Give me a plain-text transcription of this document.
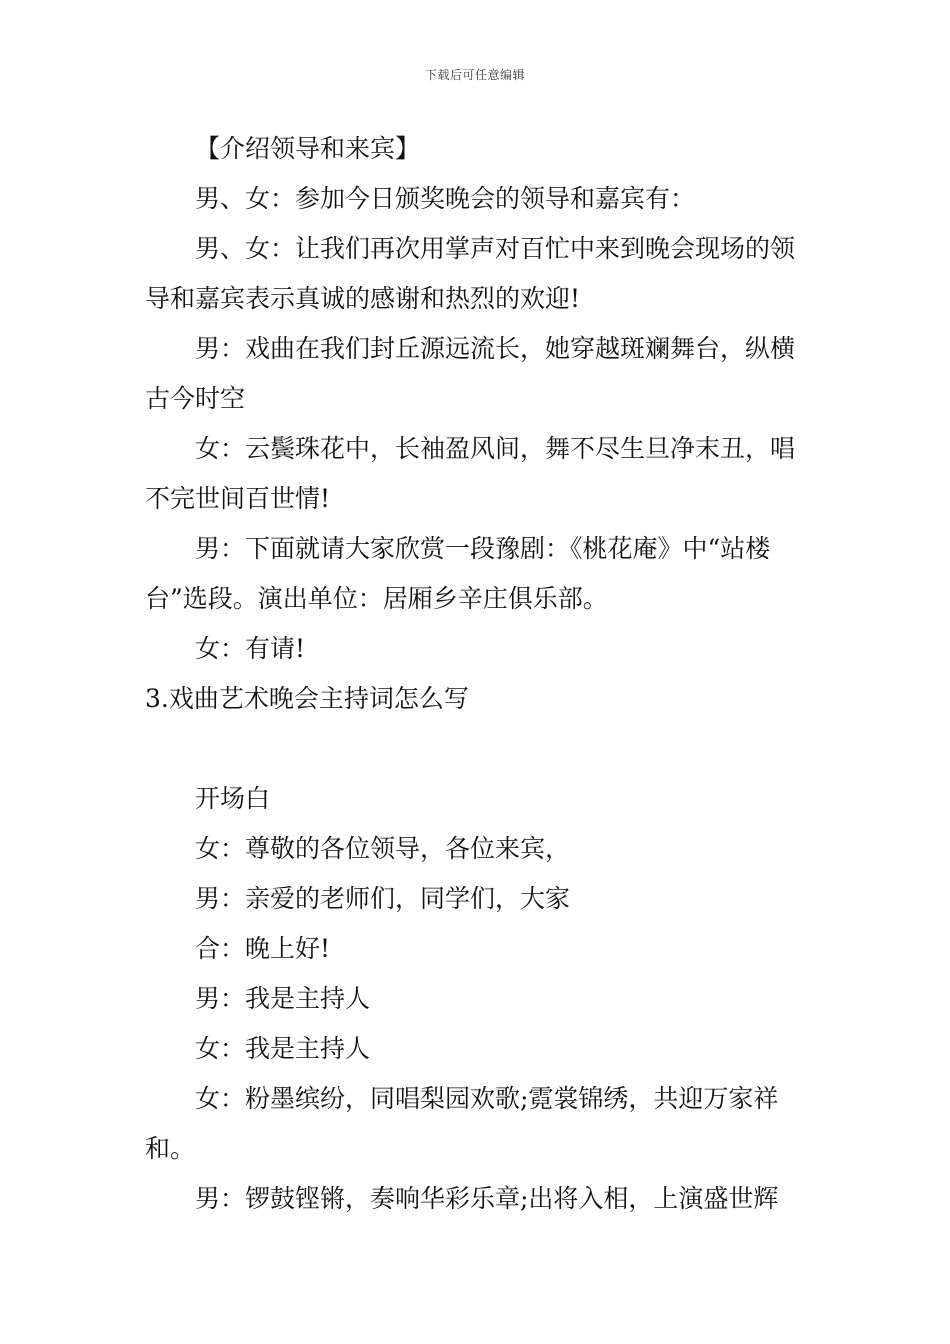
下载后可任意编辑

【介绍领导和来宾】

男、女：参加今日颁奖晚会的领导和嘉宾有：

男、女：让我们再次用掌声对百忙中来到晚会现场的领导和嘉宾表示真诚的感谢和热烈的欢迎!

男：戏曲在我们封丘源远流长，她穿越斑斓舞台，纵横古今时空

女：云鬓珠花中，长袖盈风间，舞不尽生旦净末丑，唱不完世间百世情!

男：下面就请大家欣赏一段豫剧：《桃花庵》中“站楼台”选段。演出单位：居厢乡辛庄俱乐部。

女：有请!

3.戏曲艺术晚会主持词怎么写

开场白

女：尊敬的各位领导，各位来宾，

男：亲爱的老师们，同学们，大家

合：晚上好!

男：我是主持人

女：我是主持人

女：粉墨缤纷，同唱梨园欢歌;霓裳锦绣，共迎万家祥和。

男：锣鼓铿锵，奏响华彩乐章;出将入相，上演盛世辉
